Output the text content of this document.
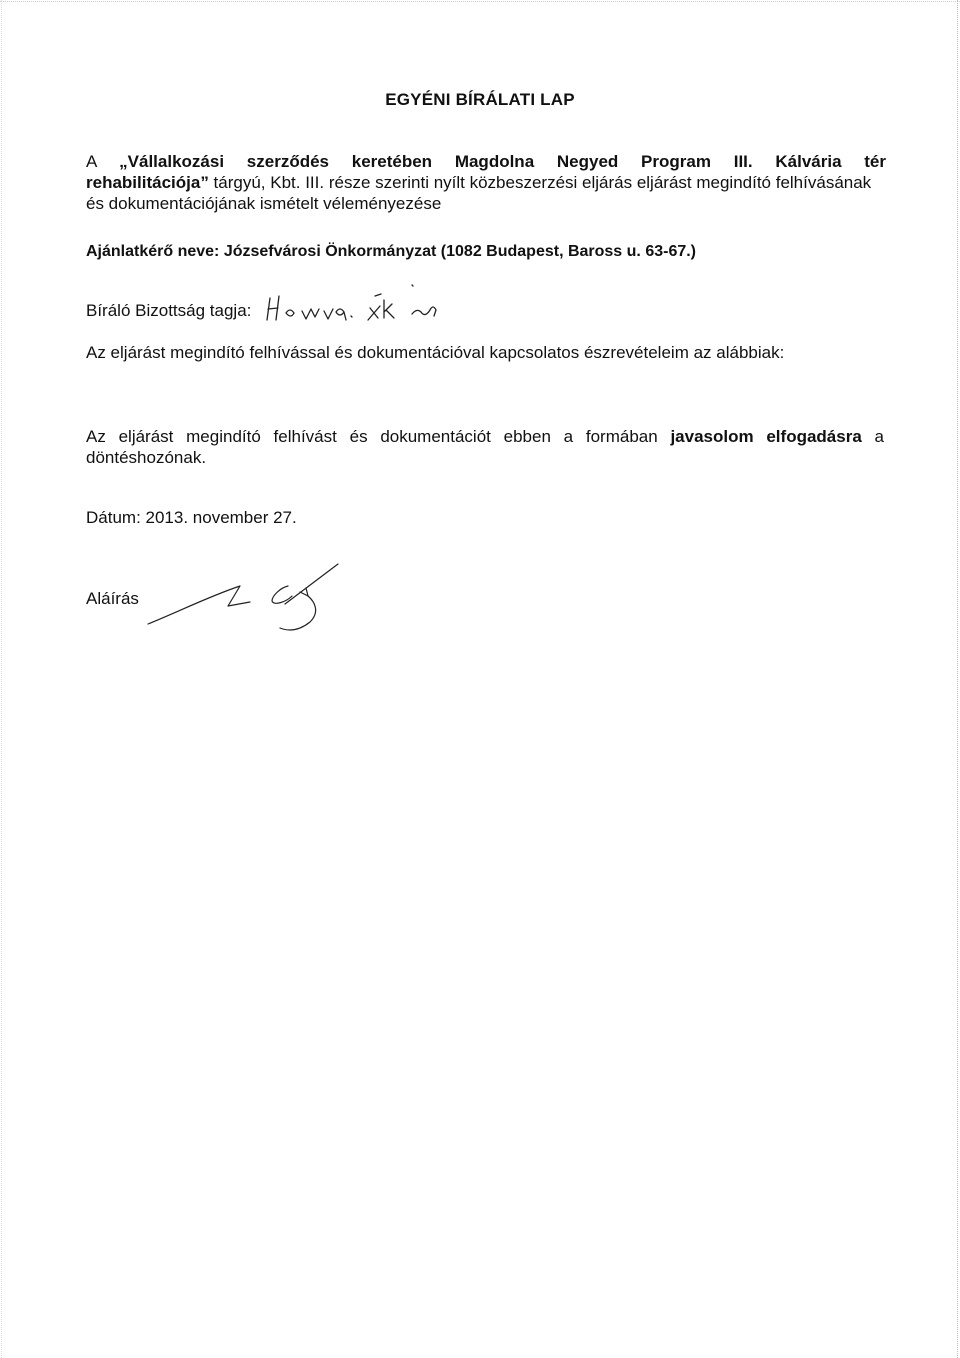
EGYÉNI BÍRÁLATI LAP
A „Vállalkozási szerződés keretében Magdolna Negyed Program III. Kálvária tér
rehabilitációja” tárgyú, Kbt. III. része szerinti nyílt közbeszerzési eljárás eljárást megindító felhívásának
és dokumentációjának ismételt véleményezése
Ajánlatkérő neve: Józsefvárosi Önkormányzat (1082 Budapest, Baross u. 63-67.)
Bíráló Bizottság tagja:
Az eljárást megindító felhívással és dokumentációval kapcsolatos észrevételeim az alábbiak:
Az eljárást megindító felhívást és dokumentációt ebben a formában javasolom elfogadásra a
döntéshozónak.
Dátum: 2013. november 27.
Aláírás
